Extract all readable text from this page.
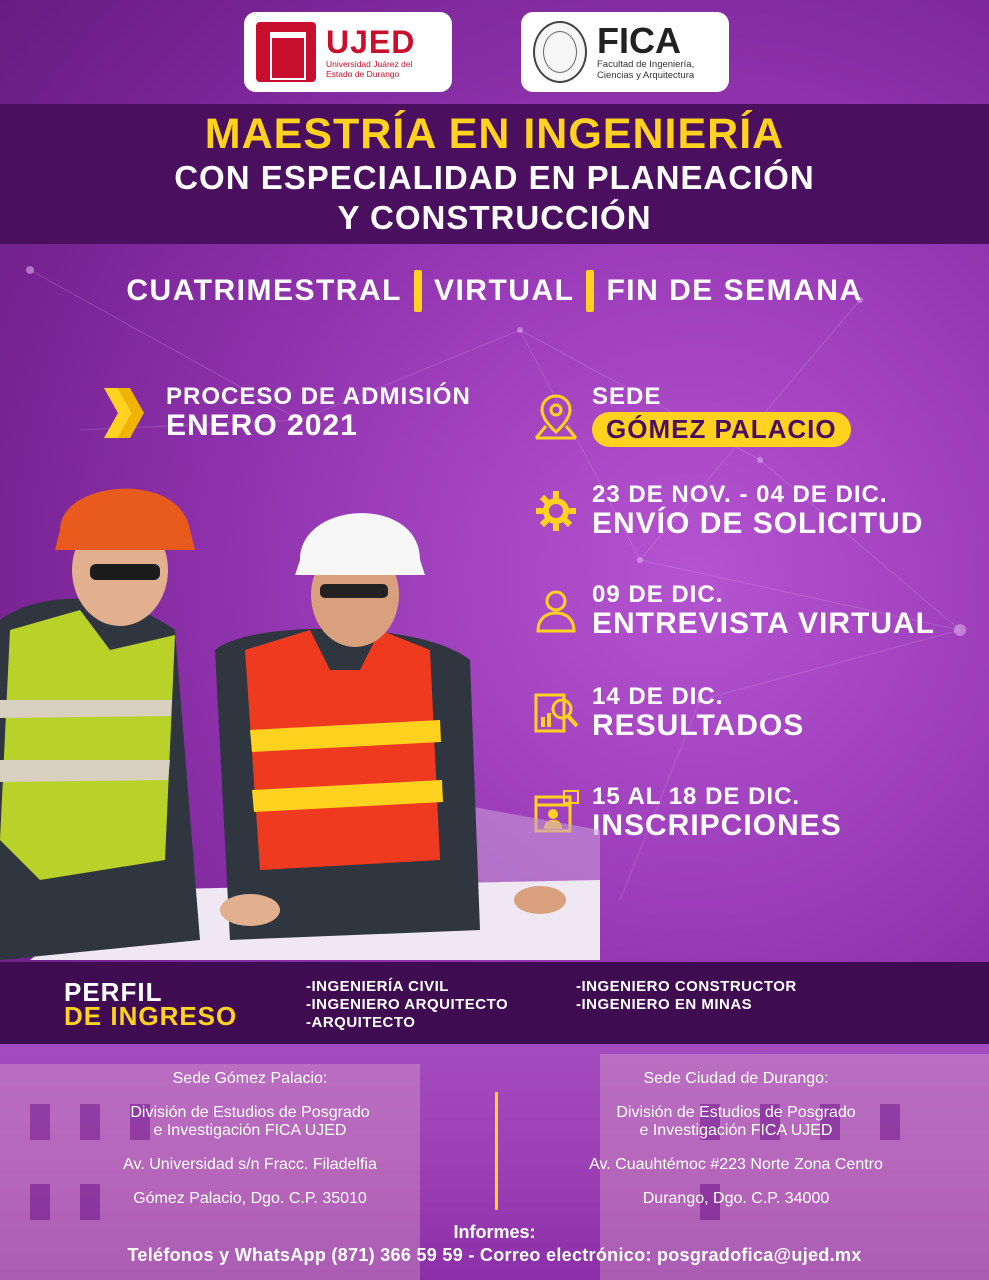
UJED
Universidad Juárez del Estado de Durango
FICA
Facultad de Ingeniería, Ciencias y Arquitectura
MAESTRÍA EN INGENIERÍA
CON ESPECIALIDAD EN PLANEACIÓN
Y CONSTRUCCIÓN
CUATRIMESTRAL VIRTUAL FIN DE SEMANA
PROCESO DE ADMISIÓN
ENERO 2021
SEDE
GÓMEZ PALACIO
23 DE NOV. - 04 DE DIC.
ENVÍO DE SOLICITUD
09 DE DIC.
ENTREVISTA VIRTUAL
14 DE DIC.
RESULTADOS
15 AL 18 DE DIC.
INSCRIPCIONES
PERFIL
DE INGRESO
-INGENIERÍA CIVIL
-INGENIERO ARQUITECTO
-ARQUITECTO
-INGENIERO CONSTRUCTOR
-INGENIERO EN MINAS
Sede Gómez Palacio:
División de Estudios de Posgrado
e Investigación FICA UJED
Av. Universidad s/n Fracc. Filadelfia
Gómez Palacio, Dgo. C.P. 35010
Sede Ciudad de Durango:
División de Estudios de Posgrado
e Investigación FICA UJED
Av. Cuauhtémoc #223 Norte Zona Centro
Durango, Dgo. C.P. 34000
Informes:
Teléfonos y WhatsApp (871) 366 59 59 - Correo electrónico: posgradofica@ujed.mx
